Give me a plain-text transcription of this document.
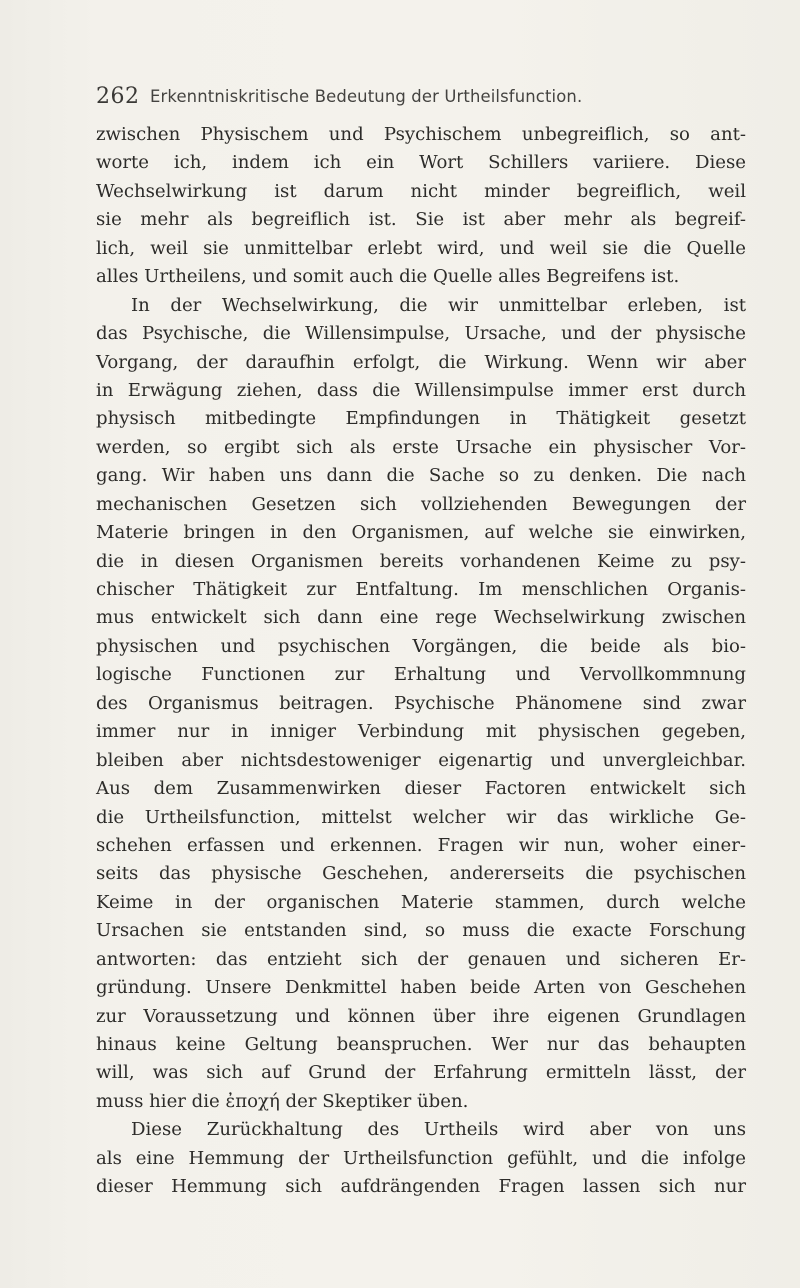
262 Erkenntniskritische Bedeutung der Urtheilsfunction.
zwischen Physischem und Psychischem unbegreiflich, so ant-
worte ich, indem ich ein Wort Schillers variiere. Diese
Wechselwirkung ist darum nicht minder begreiflich, weil
sie mehr als begreiflich ist. Sie ist aber mehr als begreif-
lich, weil sie unmittelbar erlebt wird, und weil sie die Quelle
alles Urtheilens, und somit auch die Quelle alles Begreifens ist.
In der Wechselwirkung, die wir unmittelbar erleben, ist
das Psychische, die Willensimpulse, Ursache, und der physische
Vorgang, der daraufhin erfolgt, die Wirkung. Wenn wir aber
in Erwägung ziehen, dass die Willensimpulse immer erst durch
physisch mitbedingte Empfindungen in Thätigkeit gesetzt
werden, so ergibt sich als erste Ursache ein physischer Vor-
gang. Wir haben uns dann die Sache so zu denken. Die nach
mechanischen Gesetzen sich vollziehenden Bewegungen der
Materie bringen in den Organismen, auf welche sie einwirken,
die in diesen Organismen bereits vorhandenen Keime zu psy-
chischer Thätigkeit zur Entfaltung. Im menschlichen Organis-
mus entwickelt sich dann eine rege Wechselwirkung zwischen
physischen und psychischen Vorgängen, die beide als bio-
logische Functionen zur Erhaltung und Vervollkommnung
des Organismus beitragen. Psychische Phänomene sind zwar
immer nur in inniger Verbindung mit physischen gegeben,
bleiben aber nichtsdestoweniger eigenartig und unvergleichbar.
Aus dem Zusammenwirken dieser Factoren entwickelt sich
die Urtheilsfunction, mittelst welcher wir das wirkliche Ge-
schehen erfassen und erkennen. Fragen wir nun, woher einer-
seits das physische Geschehen, andererseits die psychischen
Keime in der organischen Materie stammen, durch welche
Ursachen sie entstanden sind, so muss die exacte Forschung
antworten: das entzieht sich der genauen und sicheren Er-
gründung. Unsere Denkmittel haben beide Arten von Geschehen
zur Voraussetzung und können über ihre eigenen Grundlagen
hinaus keine Geltung beanspruchen. Wer nur das behaupten
will, was sich auf Grund der Erfahrung ermitteln lässt, der
muss hier die ἐποχή der Skeptiker üben.
Diese Zurückhaltung des Urtheils wird aber von uns
als eine Hemmung der Urtheilsfunction gefühlt, und die infolge
dieser Hemmung sich aufdrängenden Fragen lassen sich nur
